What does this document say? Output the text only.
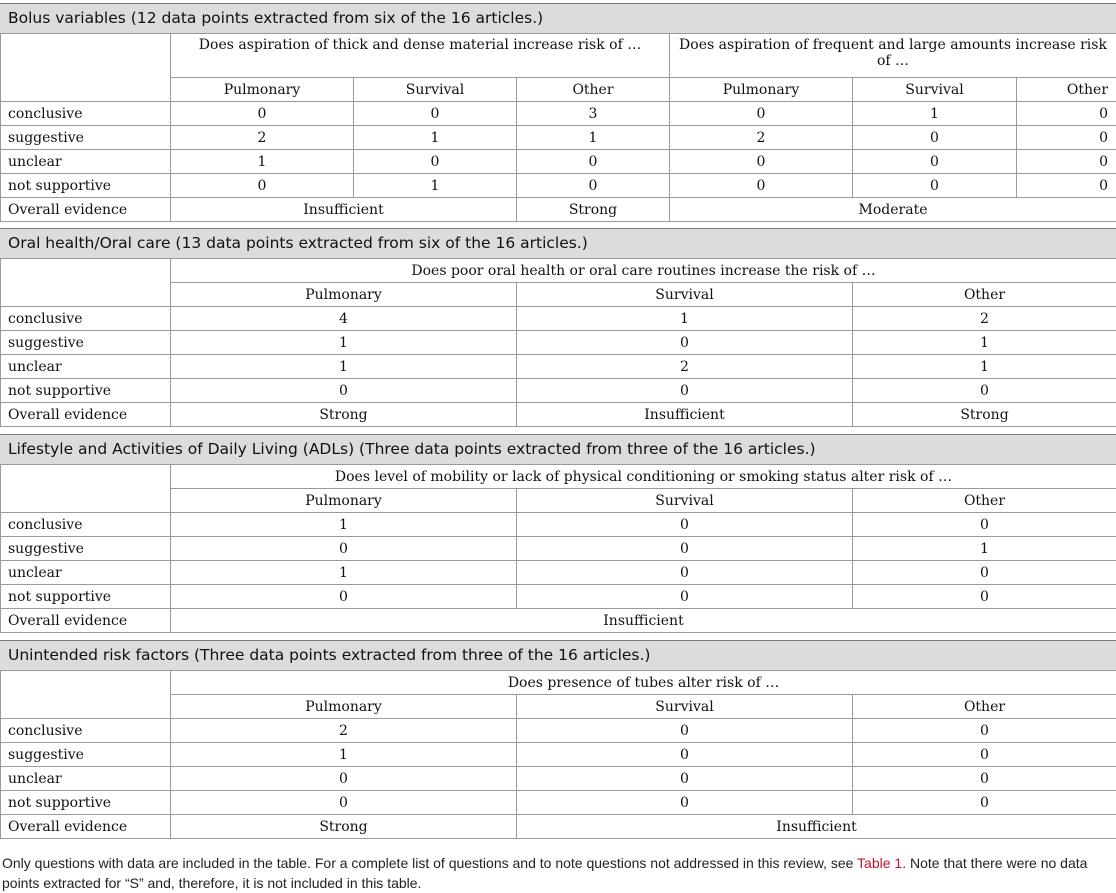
Bolus variables (12 data points extracted from six of the 16 articles.)
	Does aspiration of thick and dense material increase risk of …			Does aspiration of frequent and large amounts increase risk of …		
	Pulmonary	Survival	Other	Pulmonary	Survival	Other
conclusive	0	0	3	0	1	0
suggestive	2	1	1	2	0	0
unclear	1	0	0	0	0	0
not supportive	0	1	0	0	0	0
Overall evidence	Insufficient		Strong	Moderate		
Oral health/Oral care (13 data points extracted from six of the 16 articles.)
	Does poor oral health or oral care routines increase the risk of …		
	Pulmonary	Survival	Other
conclusive	4	1	2
suggestive	1	0	1
unclear	1	2	1
not supportive	0	0	0
Overall evidence	Strong	Insufficient	Strong
Lifestyle and Activities of Daily Living (ADLs) (Three data points extracted from three of the 16 articles.)
	Does level of mobility or lack of physical conditioning or smoking status alter risk of …		
	Pulmonary	Survival	Other
conclusive	1	0	0
suggestive	0	0	1
unclear	1	0	0
not supportive	0	0	0
Overall evidence	Insufficient		
Unintended risk factors (Three data points extracted from three of the 16 articles.)
	Does presence of tubes alter risk of …		
	Pulmonary	Survival	Other
conclusive	2	0	0
suggestive	1	0	0
unclear	0	0	0
not supportive	0	0	0
Overall evidence	Strong	Insufficient	
Only questions with data are included in the table. For a complete list of questions and to note questions not addressed in this review, see Table 1. Note that there were no data points extracted for “S” and, therefore, it is not included in this table.
